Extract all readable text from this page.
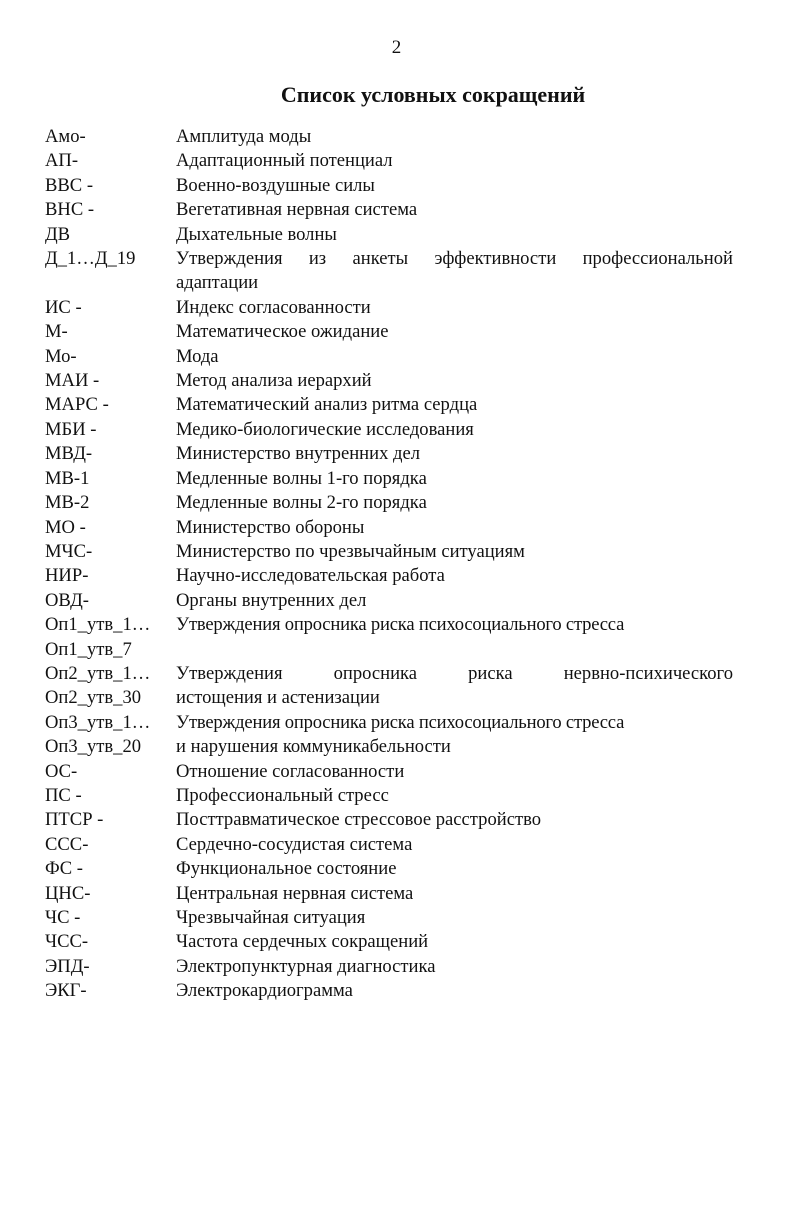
2
Список условных сокращений
Амо-	Амплитуда моды
АП-	Адаптационный потенциал
ВВС -	Военно-воздушные силы
ВНС -	Вегетативная нервная система
ДВ	Дыхательные волны
Д_1…Д_19	Утверждения из анкеты эффективности профессиональной
адаптации
ИС -	Индекс согласованности
М-	Математическое ожидание
Мо-	Мода
МАИ -	Метод анализа иерархий
МАРС -	Математический анализ ритма сердца
МБИ -	Медико-биологические исследования
МВД-	Министерство внутренних дел
МВ-1	Медленные волны 1-го порядка
МВ-2	Медленные волны 2-го порядка
МО -	Министерство обороны
МЧС-	Министерство по чрезвычайным ситуациям
НИР-	Научно-исследовательская работа
ОВД-	Органы внутренних дел
Оп1_утв_1…	Утверждения опросника риска психосоциального стресса
Оп1_утв_7
Оп2_утв_1…	Утверждения опросника риска нервно-психического
Оп2_утв_30	истощения и астенизации
Оп3_утв_1…	Утверждения опросника риска психосоциального стресса
Оп3_утв_20	и нарушения коммуникабельности
ОС-	Отношение согласованности
ПС -	Профессиональный стресс
ПТСР -	Посттравматическое стрессовое расстройство
ССС-	Сердечно-сосудистая система
ФС -	Функциональное состояние
ЦНС-	Центральная нервная система
ЧС -	Чрезвычайная ситуация
ЧСС-	Частота сердечных сокращений
ЭПД-	Электропунктурная диагностика
ЭКГ-	Электрокардиограмма
